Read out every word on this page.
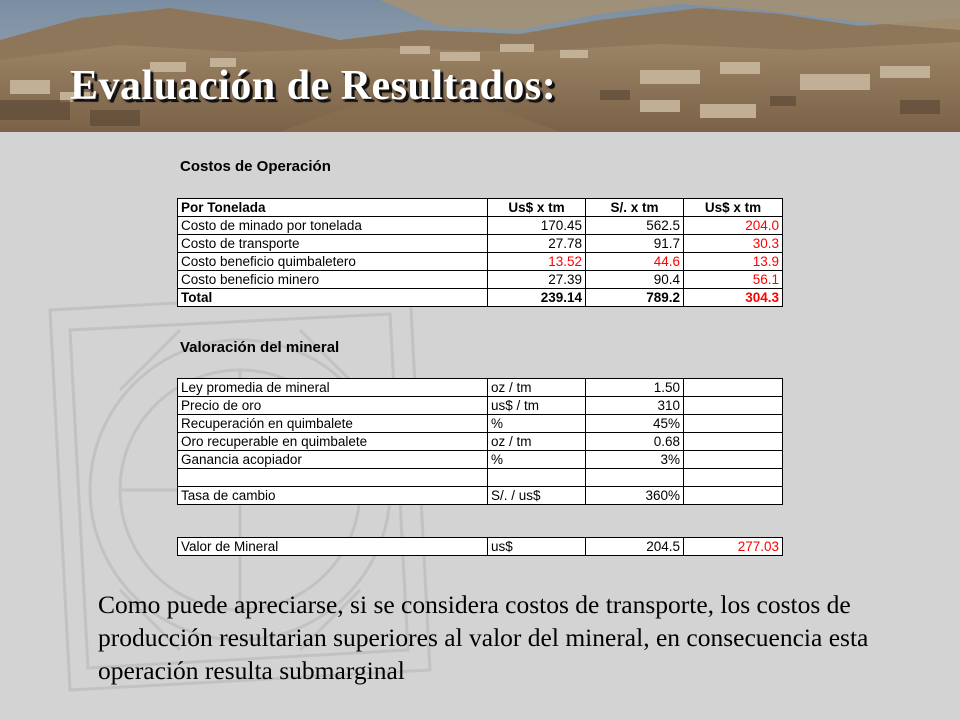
Evaluación de Resultados:
Costos de Operación
Por Tonelada	Us$ x tm	S/. x tm	Us$ x tm
Costo de minado por tonelada	170.45	562.5	204.0
Costo de transporte	27.78	91.7	30.3
Costo beneficio quimbaletero	13.52	44.6	13.9
Costo beneficio minero	27.39	90.4	56.1
Total	239.14	789.2	304.3
Valoración del mineral
Ley promedia de mineral	oz / tm	1.50	
Precio de oro	us$ / tm	310	
Recuperación en quimbalete	%	45%	
Oro recuperable en quimbalete	oz / tm	0.68	
Ganancia acopiador	%	3%	

Tasa de cambio	S/. / us$	360%	
Valor de Mineral	us$	204.5	277.03

Como puede apreciarse, si se considera costos de transporte, los costos de producción resultarian superiores al valor del mineral, en consecuencia esta operación resulta submarginal
